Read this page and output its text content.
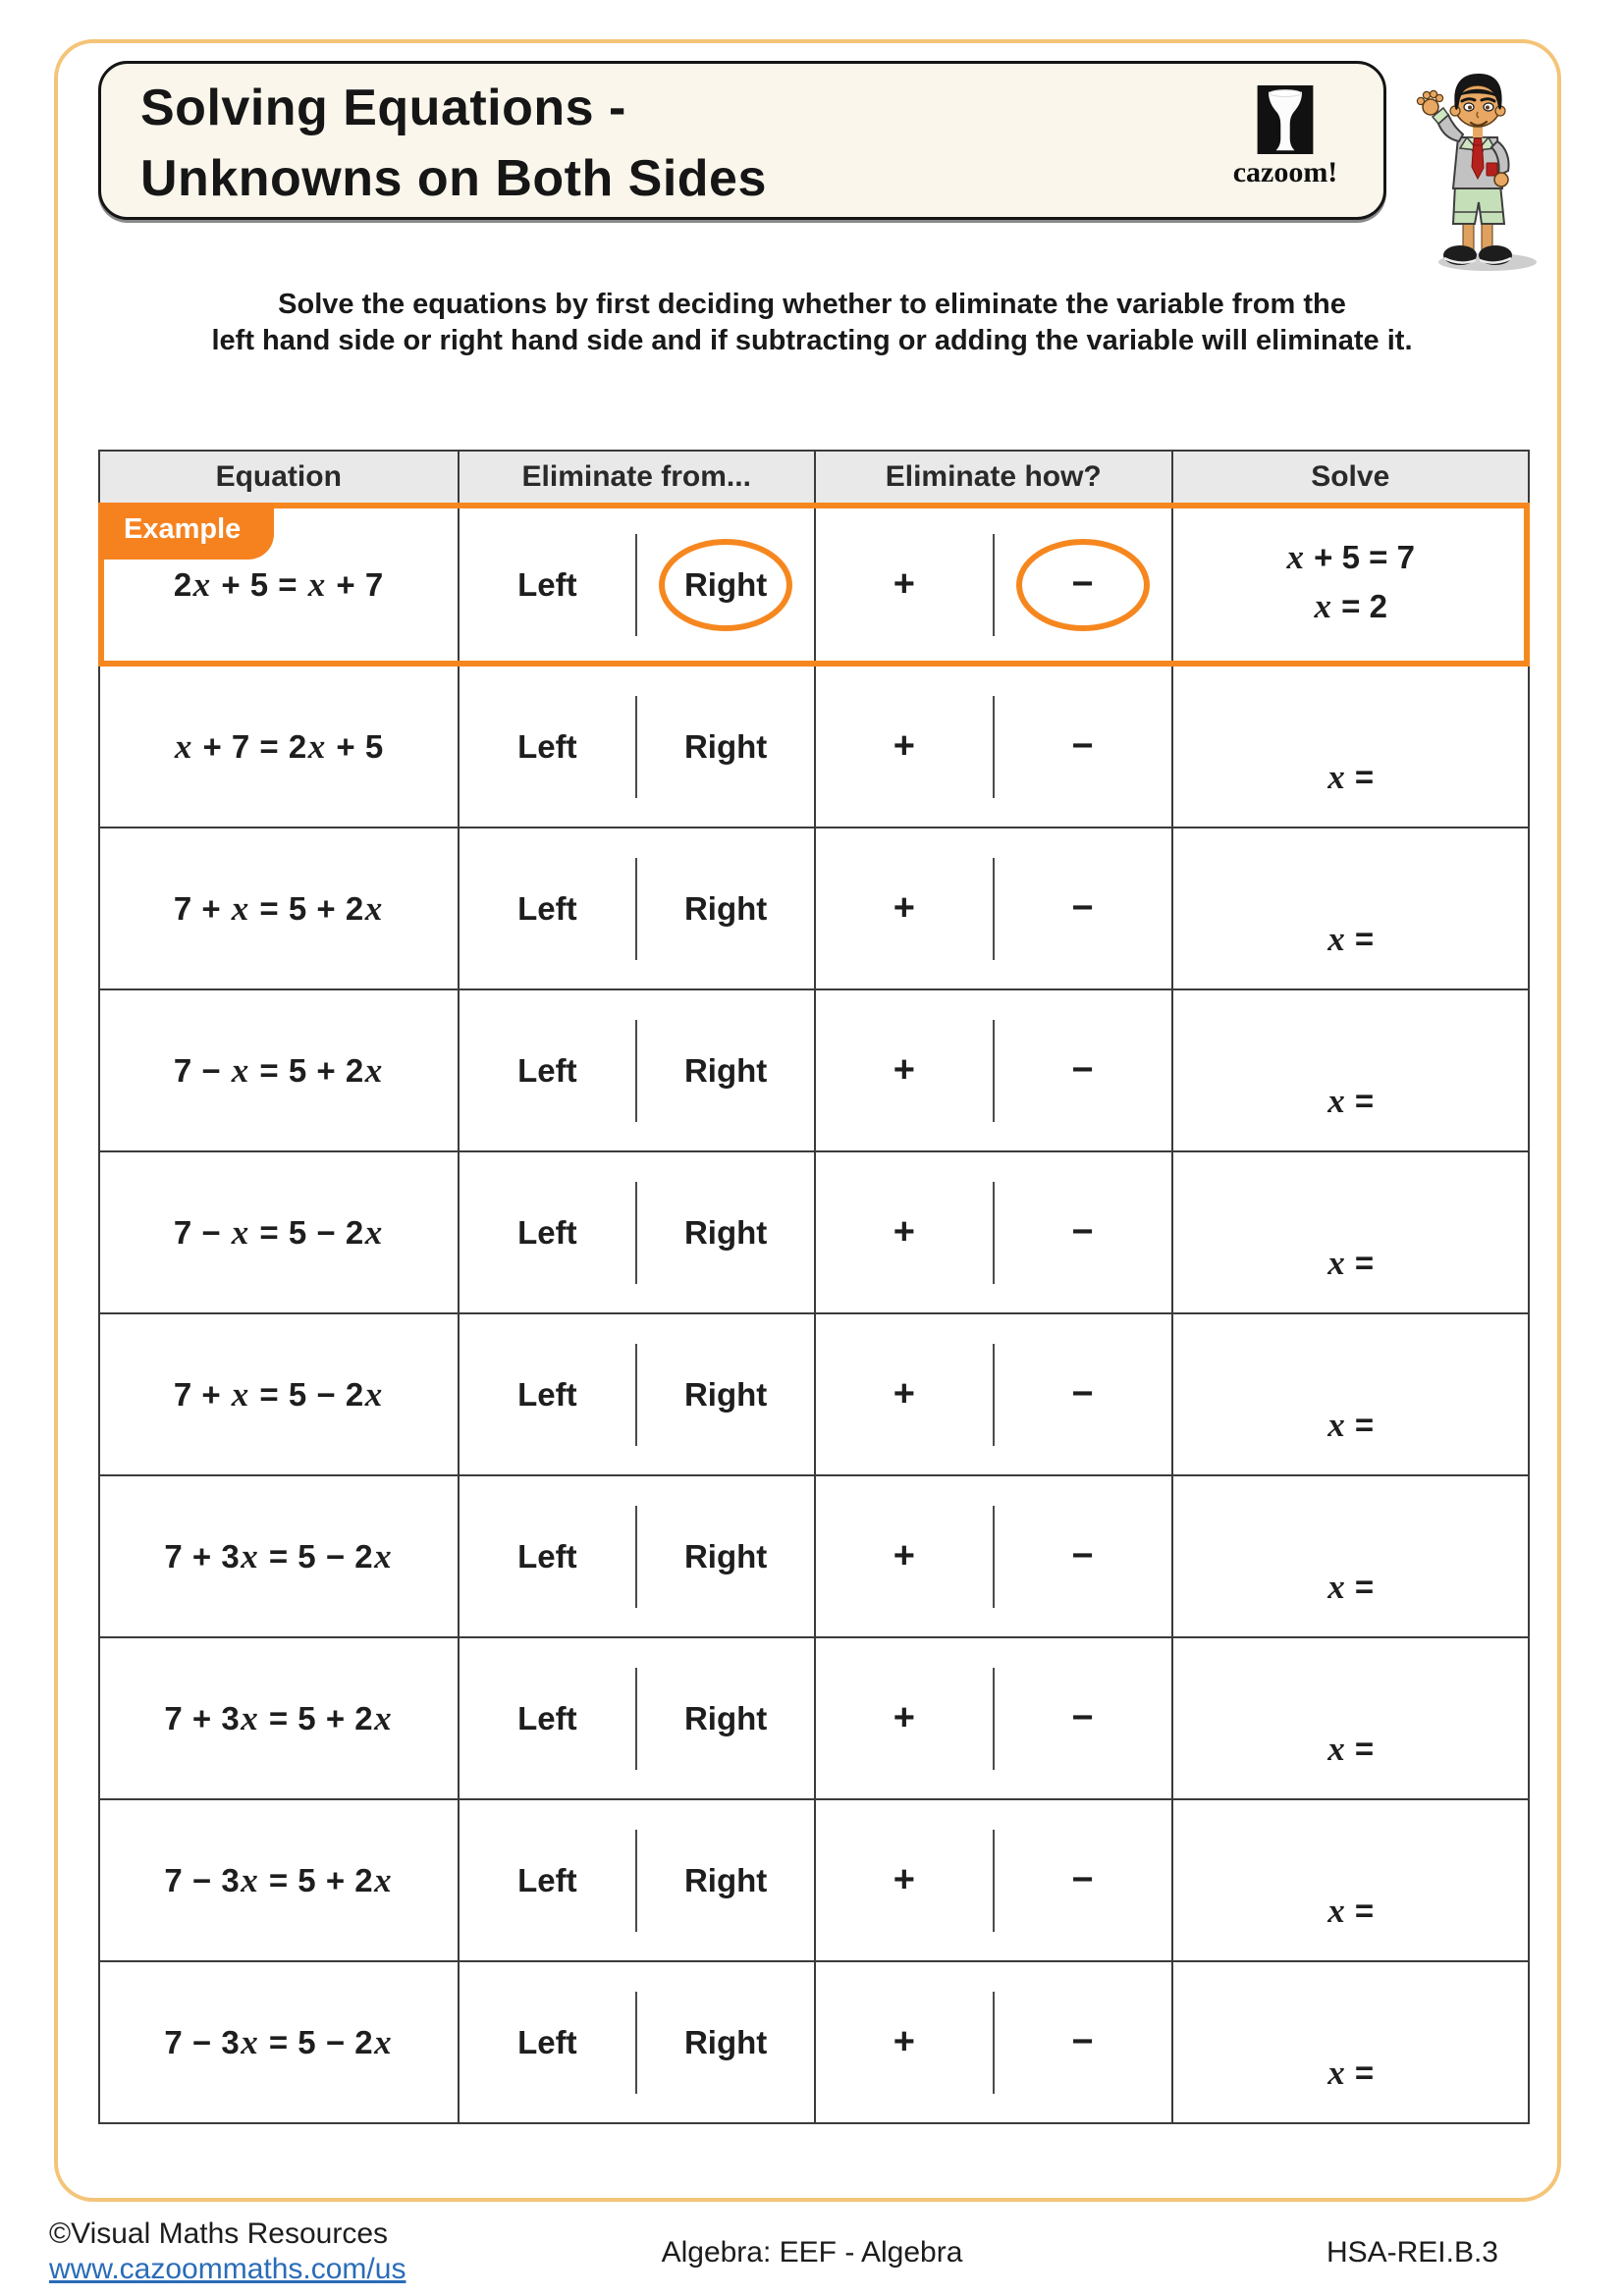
Solving Equations -
Unknowns on Both Sides	cazoom!
Solve the equations by first deciding whether to eliminate the variable from the
left hand side or right hand side and if subtracting or adding the variable will eliminate it.
Equation	Eliminate from...	Eliminate how?	Solve
Example
2x + 5 = x + 7	Left	Right	+	−
x + 5 = 7
x = 2
x + 7 = 2x + 5	Left	Right	+	−
x =
7 + x = 5 + 2x	Left	Right	+	−
x =
7 − x = 5 + 2x	Left	Right	+	−
x =
7 − x = 5 − 2x	Left	Right	+	−
x =
7 + x = 5 − 2x	Left	Right	+	−
x =
7 + 3x = 5 − 2x	Left	Right	+	−
x =
7 + 3x = 5 + 2x	Left	Right	+	−
x =
7 − 3x = 5 + 2x	Left	Right	+	−
x =
7 − 3x = 5 − 2x	Left	Right	+	−
x =
©Visual Maths Resources
www.cazoommaths.com/us
Algebra: EEF - Algebra	HSA-REI.B.3
